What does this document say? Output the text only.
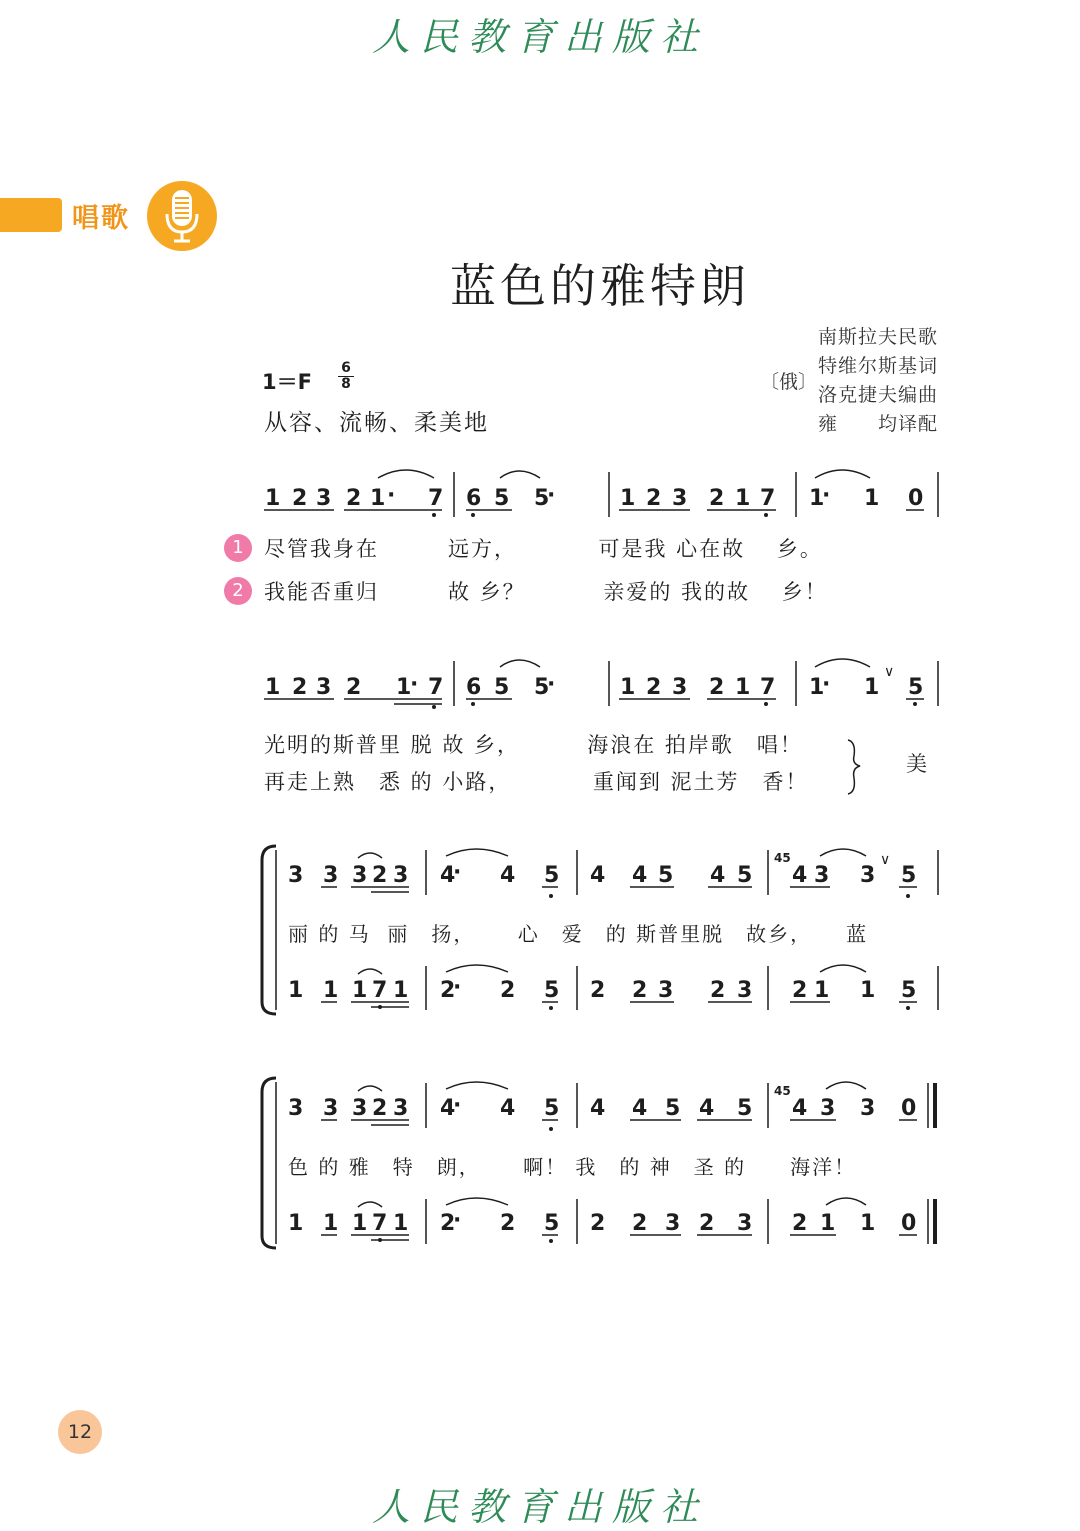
人民教育出版社
唱歌
蓝色的雅特朗
南斯拉夫民歌
特维尔斯基词
洛克捷夫编曲
雍　　均译配
〔俄〕
1＝F
6
8
从容、流畅、柔美地
1 2 3 2 1 · 7 6 5 5
·	1 2 3 2 1 7 1
· 1 0
1 2 3 2 1
· 7 6 5 5
·	1 2 3 2 1 7 1
· 1
∨
5
3 3 3 2 3 4
· 4 5 4 4 5 4 5
45
4 3 3
∨
5
1 1 1 7 1 2
· 2 5 2 2 3 2 3 2 1 1 5
3 3 3 2 3 4
· 4 5 4 4 5 4 5
45
4 3 3 0
1 1 1 7 1 2
· 2 5 2 2 3 2 3 2 1 1 0
1
2
尽管我身在　　　远方，　　　　可是我 心在故　 乡。
我能否重归　　　故 乡？　　　 亲爱的 我的故　 乡！
光明的斯普里 脱 故 乡，　　　 海浪在 拍岸歌　唱！
再走上熟　悉 的 小路，　　　　重闻到 泥土芳　香！
美
丽 的 马  丽　扬，　　 心　爱　的 斯普里脱　故乡，　　蓝
色 的 雅　特　朗，　　 啊！ 我　的 神　圣 的　　海洋！
12
人民教育出版社
